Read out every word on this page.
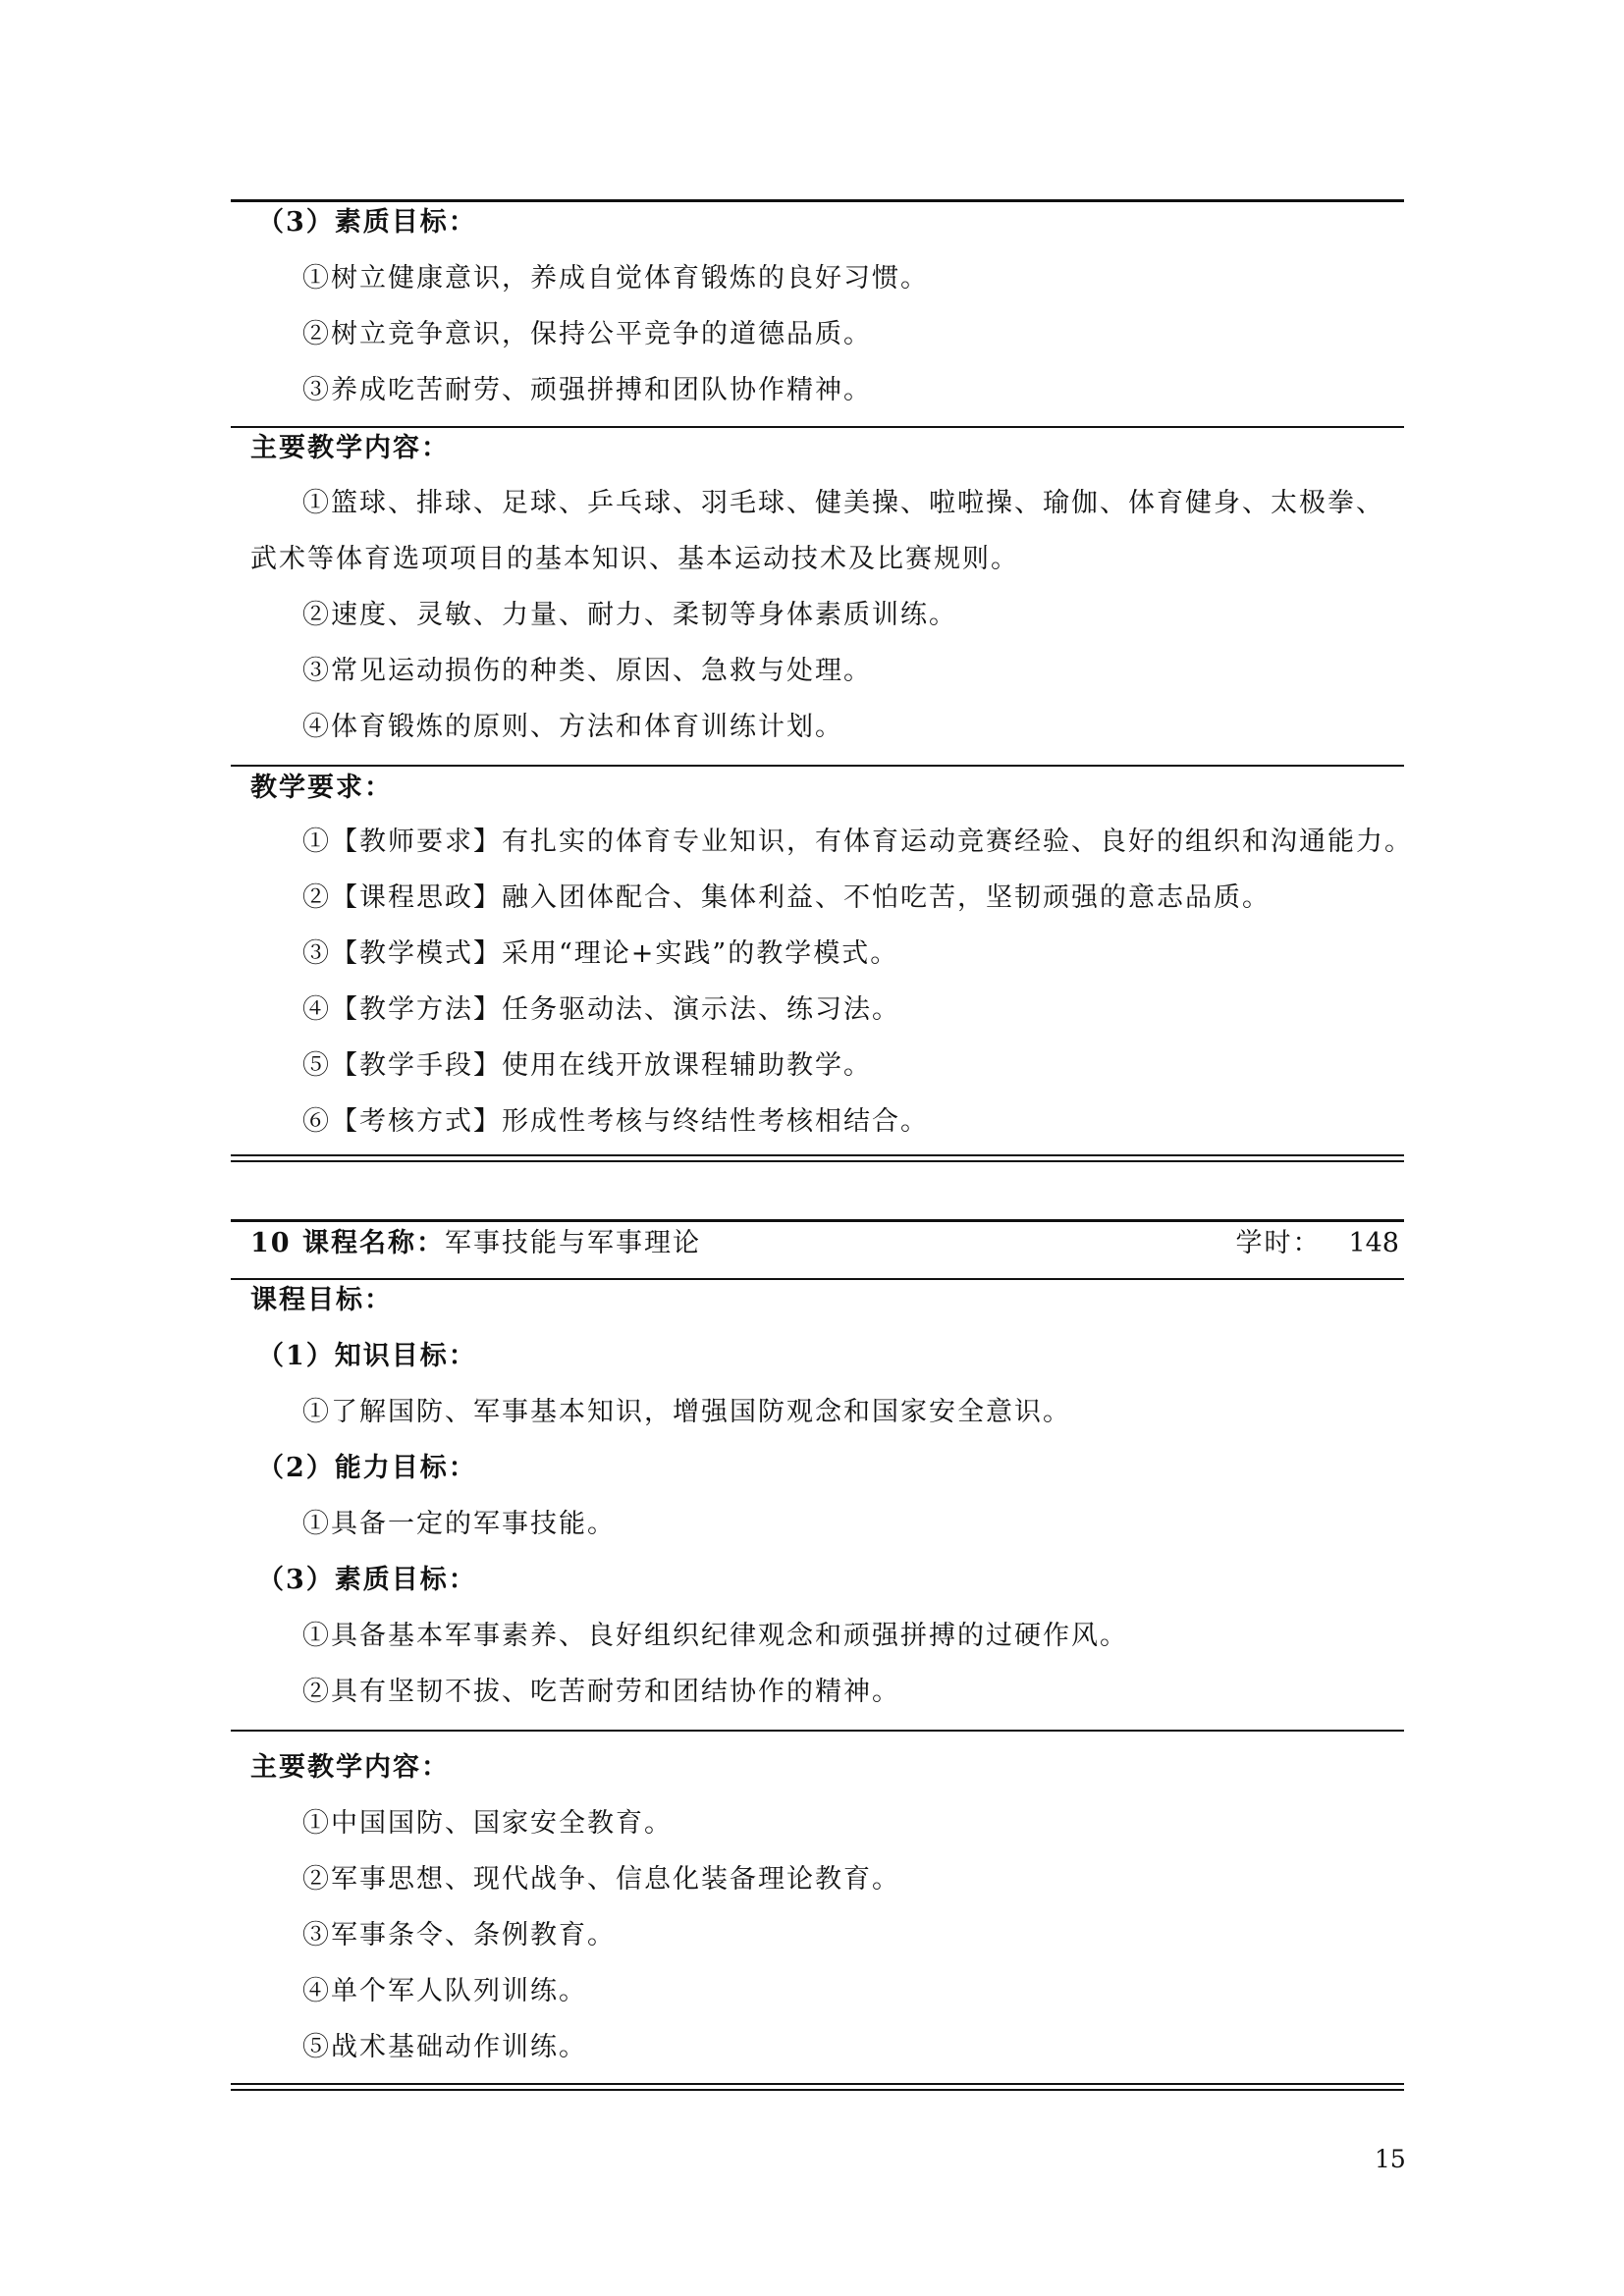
（3）素质目标：
①树立健康意识，养成自觉体育锻炼的良好习惯。
②树立竞争意识，保持公平竞争的道德品质。
③养成吃苦耐劳、顽强拼搏和团队协作精神。
主要教学内容：
①篮球、排球、足球、乒乓球、羽毛球、健美操、啦啦操、瑜伽、体育健身、太极拳、
武术等体育选项项目的基本知识、基本运动技术及比赛规则。
②速度、灵敏、力量、耐力、柔韧等身体素质训练。
③常见运动损伤的种类、原因、急救与处理。
④体育锻炼的原则、方法和体育训练计划。
教学要求：
①【教师要求】有扎实的体育专业知识，有体育运动竞赛经验、良好的组织和沟通能力。
②【课程思政】融入团体配合、集体利益、不怕吃苦，坚韧顽强的意志品质。
③【教学模式】采用“理论+实践”的教学模式。
④【教学方法】任务驱动法、演示法、练习法。
⑤【教学手段】使用在线开放课程辅助教学。
⑥【考核方式】形成性考核与终结性考核相结合。
10 课程名称：军事技能与军事理论	学时： 148
课程目标：
（1）知识目标：
①了解国防、军事基本知识，增强国防观念和国家安全意识。
（2）能力目标：
①具备一定的军事技能。
（3）素质目标：
①具备基本军事素养、良好组织纪律观念和顽强拼搏的过硬作风。
②具有坚韧不拔、吃苦耐劳和团结协作的精神。
主要教学内容：
①中国国防、国家安全教育。
②军事思想、现代战争、信息化装备理论教育。
③军事条令、条例教育。
④单个军人队列训练。
⑤战术基础动作训练。
15
